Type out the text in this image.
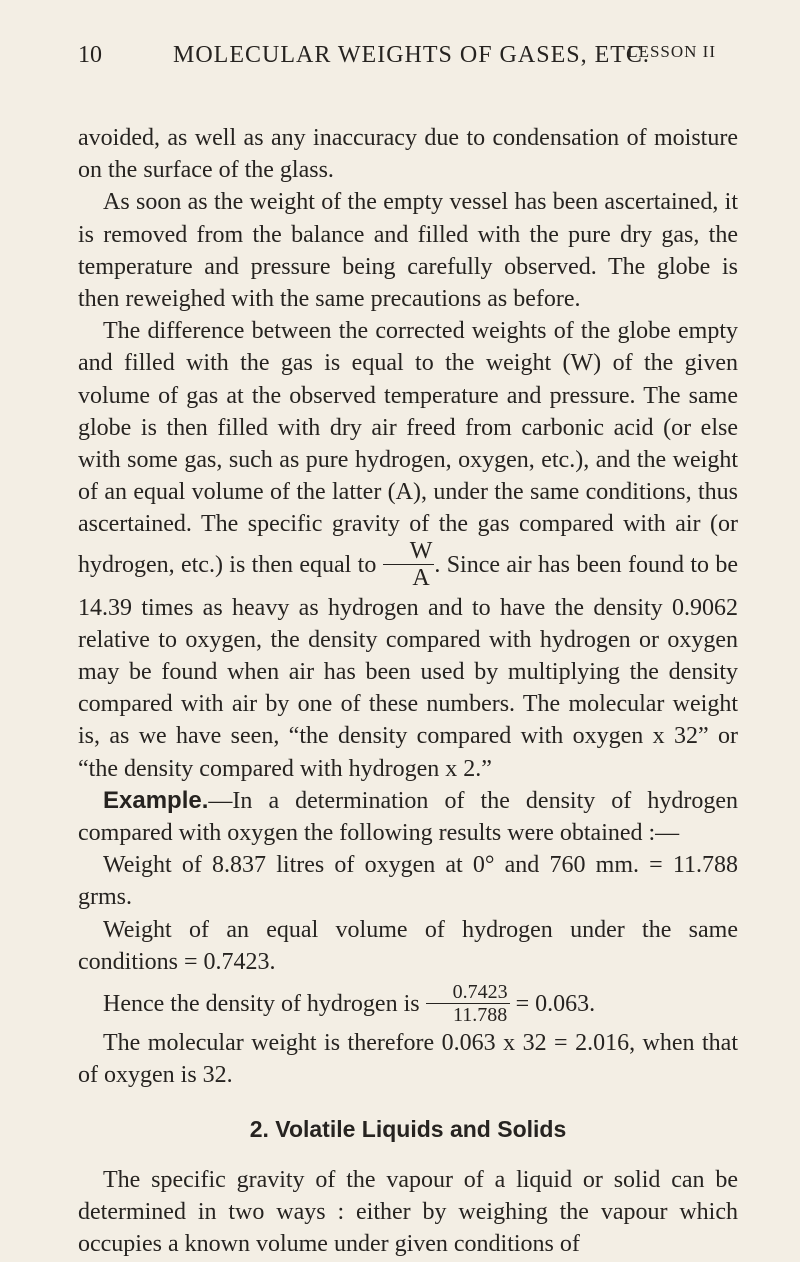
10	MOLECULAR WEIGHTS OF GASES, ETC.
LESSON II

avoided, as well as any inaccuracy due to condensation of moisture on the surface of the glass.

As soon as the weight of the empty vessel has been ascertained, it is removed from the balance and filled with the pure dry gas, the temperature and pressure being carefully observed. The globe is then reweighed with the same precautions as before.

The difference between the corrected weights of the globe empty and filled with the gas is equal to the weight (W) of the given volume of gas at the observed temperature and pressure. The same globe is then filled with dry air freed from carbonic acid (or else with some gas, such as pure hydrogen, oxygen, etc.), and the weight of an equal volume of the latter (A), under the same conditions, thus ascertained. The specific gravity of the gas compared with air (or hydrogen, etc.) is then equal to $\frac{W}{A}$ . Since air has been found to be 14.39 times as heavy as hydrogen and to have the density 0.9062 relative to oxygen, the density compared with hydrogen or oxygen may be found when air has been used by multiplying the density compared with air by one of these numbers. The molecular weight is, as we have seen, “the density compared with oxygen x 32” or “the density compared with hydrogen x 2.”

Example.—In a determination of the density of hydrogen compared with oxygen the following results were obtained :—

Weight of 8.837 litres of oxygen at 0° and 760 mm. = 11.788 grms.

Weight of an equal volume of hydrogen under the same conditions = 0.7423.

Hence the density of hydrogen is $\frac{0.7423}{11.788} = 0.063$.

The molecular weight is therefore 0.063 x 32 = 2.016, when that of oxygen is 32.

2. Volatile Liquids and Solids

The specific gravity of the vapour of a liquid or solid can be determined in two ways : either by weighing the vapour which occupies a known volume under given conditions of
